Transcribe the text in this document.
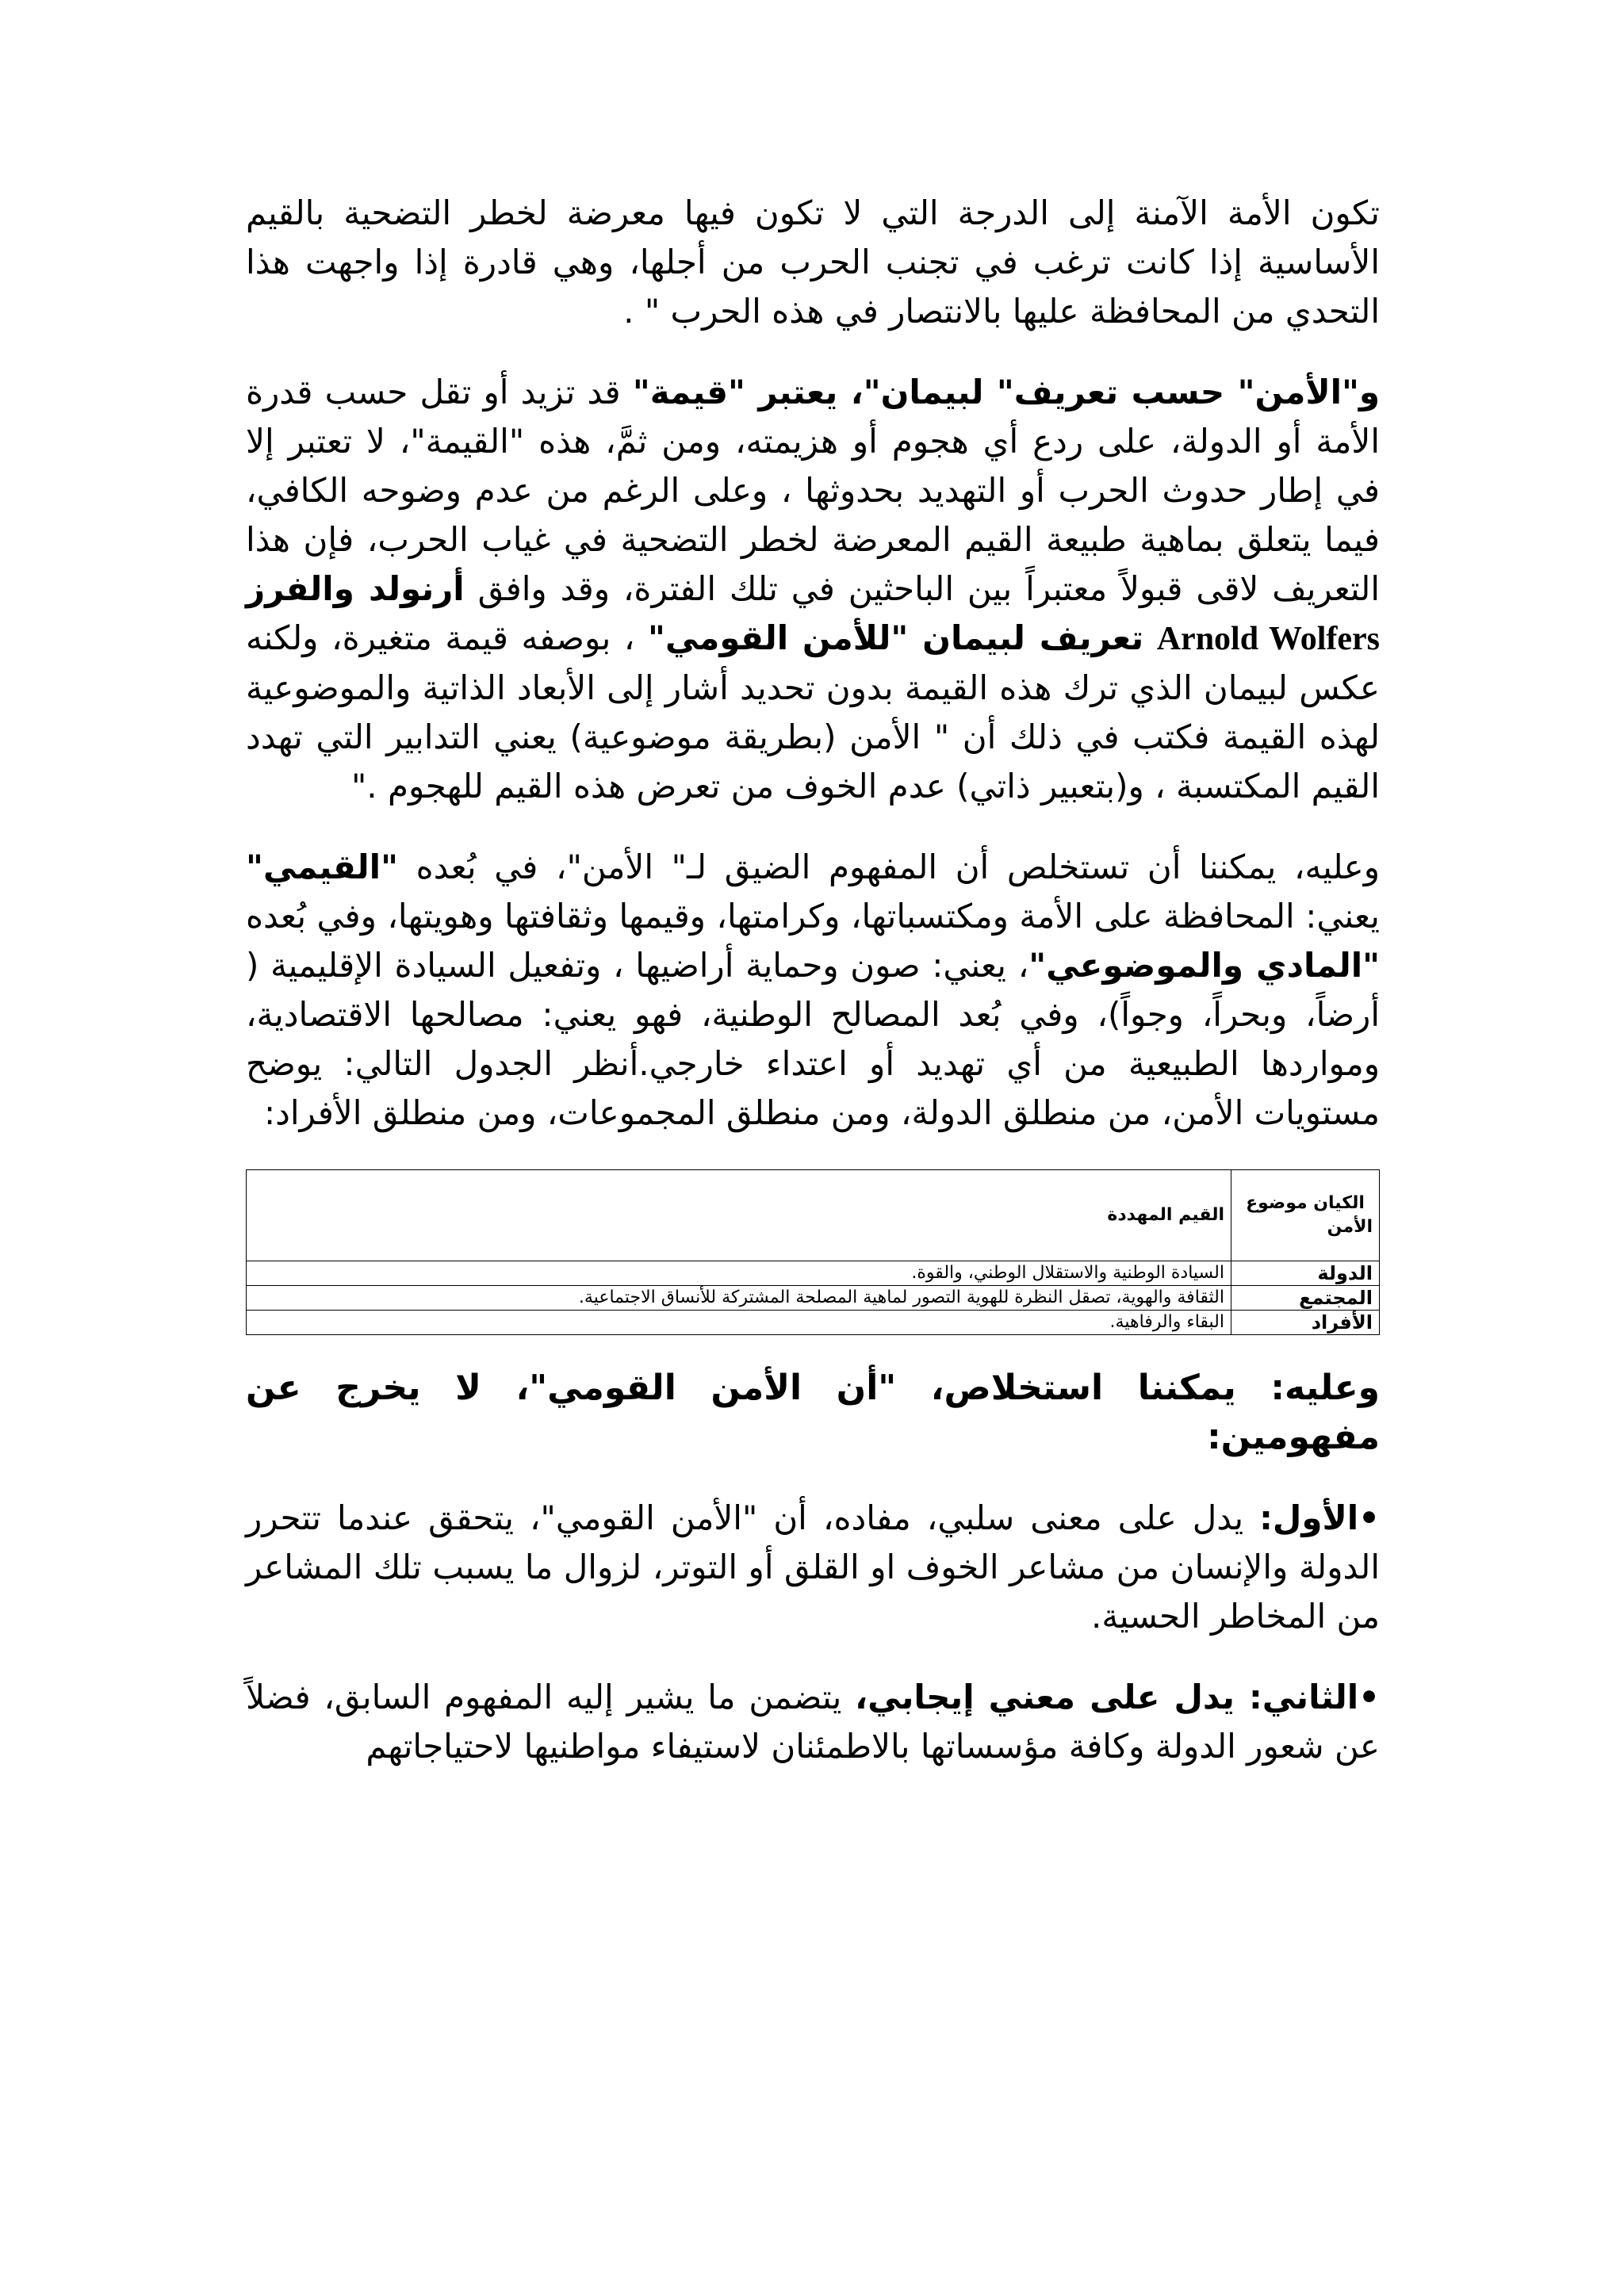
تكون الأمة الآمنة إلى الدرجة التي لا تكون فيها معرضة لخطر التضحية بالقيم الأساسية إذا كانت ترغب في تجنب الحرب من أجلها، وهي قادرة إذا واجهت هذا التحدي من المحافظة عليها بالانتصار في هذه الحرب " .

و"الأمن" حسب تعريف" لبيمان"، يعتبر "قيمة" قد تزيد أو تقل حسب قدرة الأمة أو الدولة، على ردع أي هجوم أو هزيمته، ومن ثمَّ، هذه "القيمة"، لا تعتبر إلا في إطار حدوث الحرب أو التهديد بحدوثها ، وعلى الرغم من عدم وضوحه الكافي، فيما يتعلق بماهية طبيعة القيم المعرضة لخطر التضحية في غياب الحرب، فإن هذا التعريف لاقى قبولاً معتبراً بين الباحثين في تلك الفترة، وقد وافق أرنولد والفرز Arnold Wolfers تعريف لبيمان "للأمن القومي" ، بوصفه قيمة متغيرة، ولكنه عكس لبيمان الذي ترك هذه القيمة بدون تحديد أشار إلى الأبعاد الذاتية والموضوعية لهذه القيمة فكتب في ذلك أن " الأمن (بطريقة موضوعية) يعني التدابير التي تهدد القيم المكتسبة ، و(بتعبير ذاتي) عدم الخوف من تعرض هذه القيم للهجوم ."

وعليه، يمكننا أن تستخلص أن المفهوم الضيق لـ" الأمن"، في بُعده "القيمي" يعني: المحافظة على الأمة ومكتسباتها، وكرامتها، وقيمها وثقافتها وهويتها، وفي بُعده "المادي والموضوعي"، يعني: صون وحماية أراضيها ، وتفعيل السيادة الإقليمية ( أرضاً، وبحراً، وجواً)، وفي بُعد المصالح الوطنية، فهو يعني: مصالحها الاقتصادية، ومواردها الطبيعية من أي تهديد أو اعتداء خارجي.أنظر الجدول التالي: يوضح مستويات الأمن، من منطلق الدولة، ومن منطلق المجموعات، ومن منطلق الأفراد:

الكيان موضوع الأمن	القيم المهددة
الدولة	السيادة الوطنية والاستقلال الوطني، والقوة.
المجتمع	الثقافة والهوية، تصقل النظرة للهوية التصور لماهية المصلحة المشتركة للأنساق الاجتماعية.
الأفراد	البقاء والرفاهية.

وعليه: يمكننا استخلاص، "أن الأمن القومي"، لا يخرج عن مفهومين:

•الأول: يدل على معنى سلبي، مفاده، أن "الأمن القومي"، يتحقق عندما تتحرر الدولة والإنسان من مشاعر الخوف او القلق أو التوتر، لزوال ما يسبب تلك المشاعر من المخاطر الحسية.

•الثاني: يدل على معني إيجابي، يتضمن ما يشير إليه المفهوم السابق، فضلاً عن شعور الدولة وكافة مؤسساتها بالاطمئنان لاستيفاء مواطنيها لاحتياجاتهم
